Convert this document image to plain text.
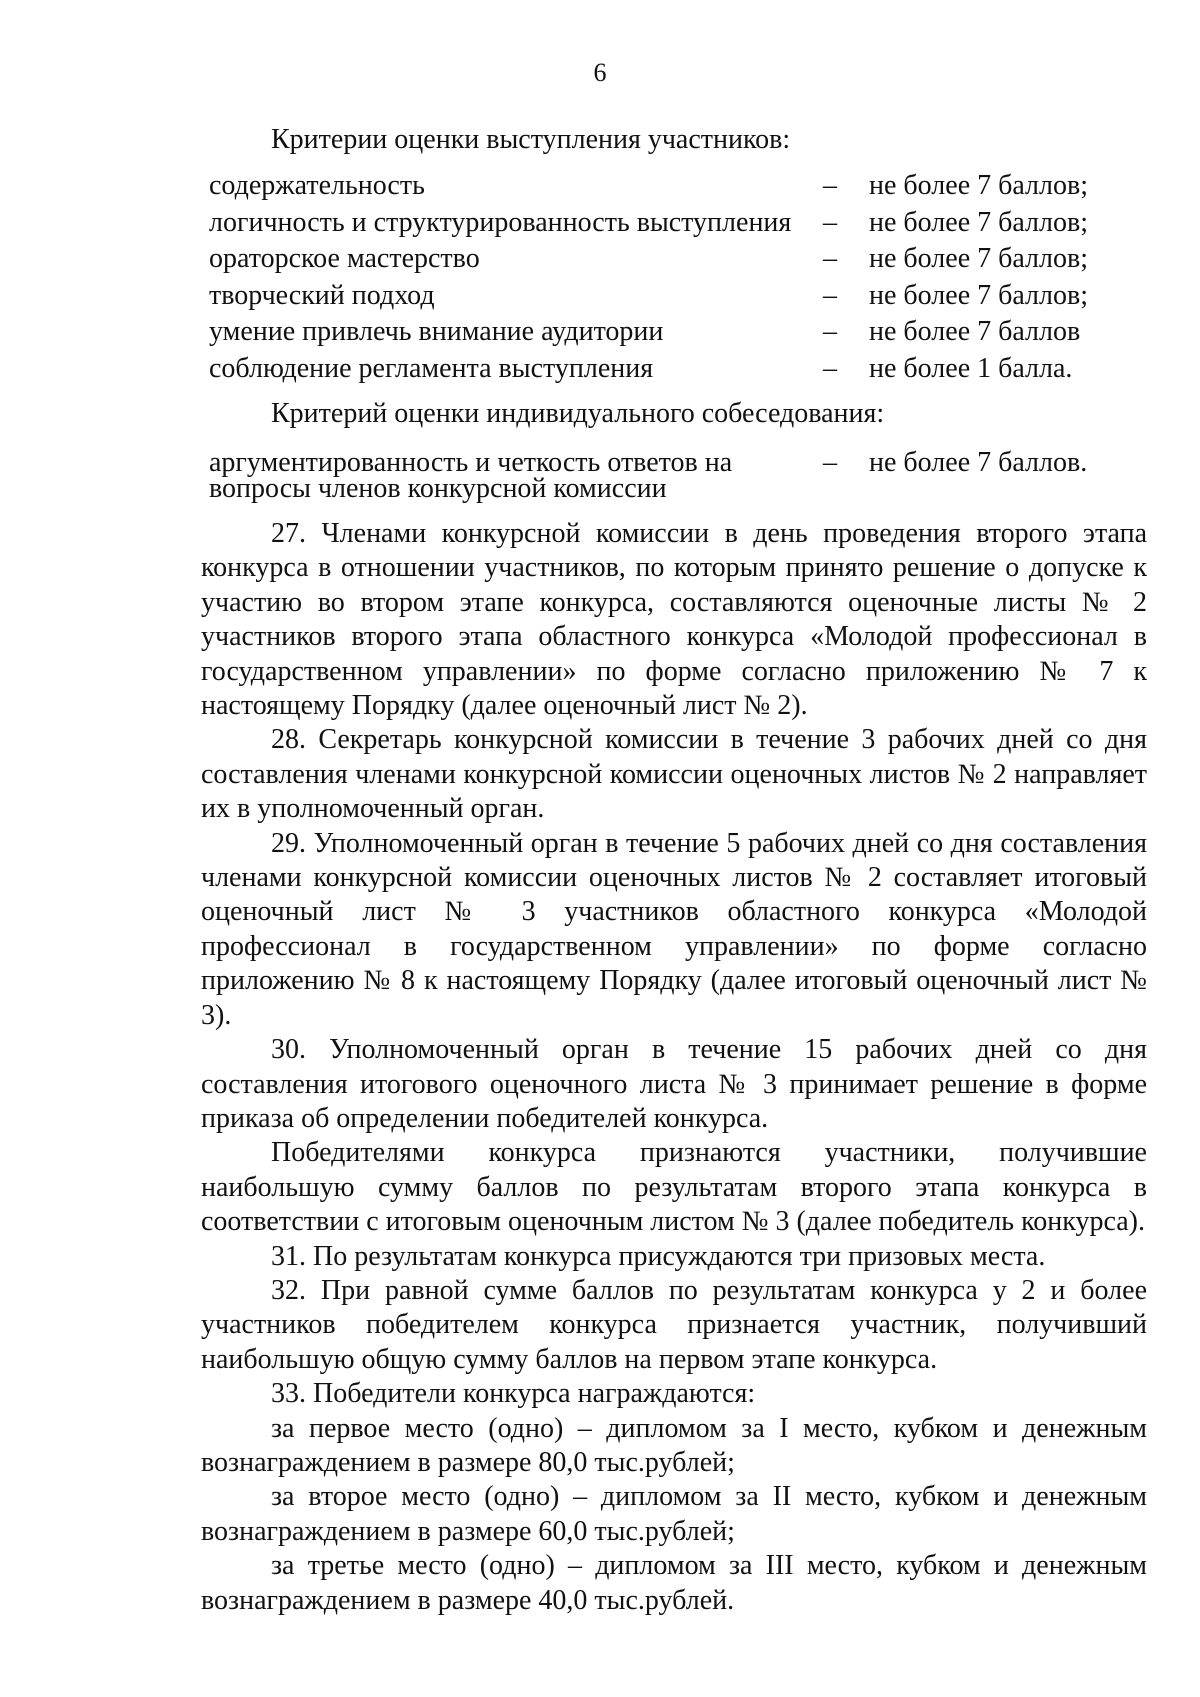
6
Критерии оценки выступления участников:
содержательность	– не более 7 баллов;
логичность и структурированность выступления – не более 7 баллов;
ораторское мастерство	– не более 7 баллов;
творческий подход	– не более 7 баллов;
умение привлечь внимание аудитории	– не более 7 баллов
соблюдение регламента выступления	– не более 1 балла.
Критерий оценки индивидуального собеседования:
аргументированность и четкость ответов на вопросы членов конкурсной комиссии
– не более 7 баллов.

27. Членами конкурсной комиссии в день проведения второго этапа конкурса в отношении участников, по которым принято решение о допуске к участию во втором этапе конкурса, составляются оценочные листы № 2 участников второго этапа областного конкурса «Молодой профессионал в государственном управлении» по форме согласно приложению № 7 к настоящему Порядку (далее оценочный лист № 2).

28. Секретарь конкурсной комиссии в течение 3 рабочих дней со дня составления членами конкурсной комиссии оценочных листов № 2 направляет их в уполномоченный орган.

29. Уполномоченный орган в течение 5 рабочих дней со дня составления членами конкурсной комиссии оценочных листов № 2 составляет итоговый оценочный лист № 3 участников областного конкурса «Молодой профессионал в государственном управлении» по форме согласно приложению № 8 к настоящему Порядку (далее итоговый оценочный лист № 3).

30. Уполномоченный орган в течение 15 рабочих дней со дня составления итогового оценочного листа № 3 принимает решение в форме приказа об определении победителей конкурса.

Победителями конкурса признаются участники, получившие наибольшую сумму баллов по результатам второго этапа конкурса в соответствии с итоговым оценочным листом № 3 (далее победитель конкурса).

31. По результатам конкурса присуждаются три призовых места.

32. При равной сумме баллов по результатам конкурса у 2 и более участников победителем конкурса признается участник, получивший наибольшую общую сумму баллов на первом этапе конкурса.

33. Победители конкурса награждаются:

за первое место (одно) – дипломом за I место, кубком и денежным вознаграждением в размере 80,0 тыс.рублей;

за второе место (одно) – дипломом за II место, кубком и денежным вознаграждением в размере 60,0 тыс.рублей;

за третье место (одно) – дипломом за III место, кубком и денежным вознаграждением в размере 40,0 тыс.рублей.
